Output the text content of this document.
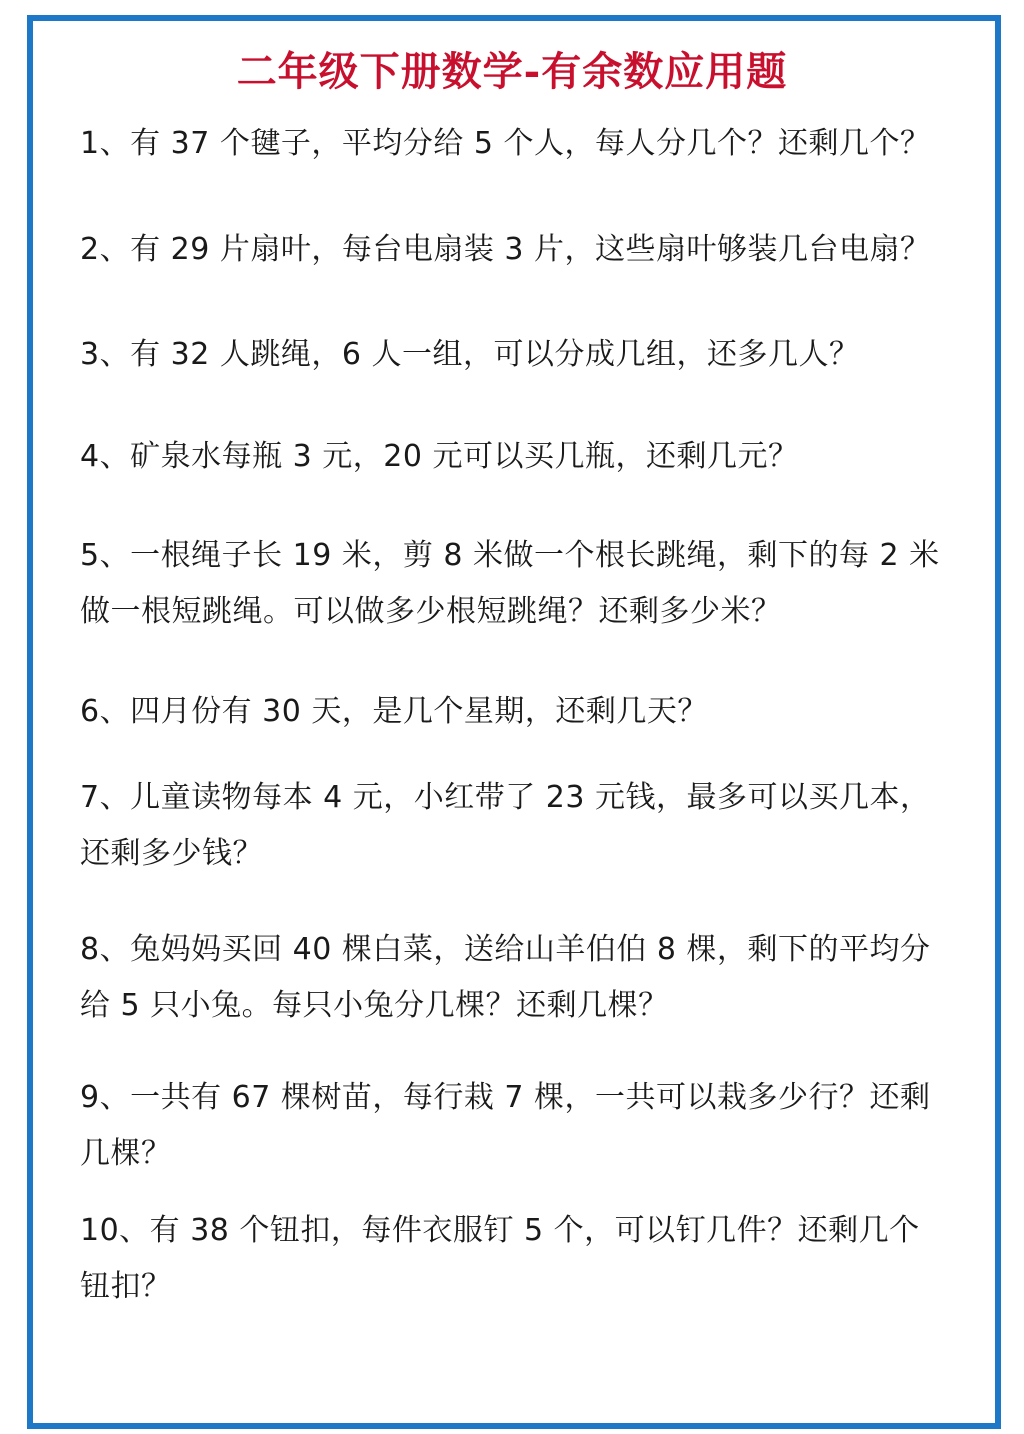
二年级下册数学-有余数应用题
1、有 37 个毽子，平均分给 5 个人，每人分几个？还剩几个？
2、有 29 片扇叶，每台电扇装 3 片，这些扇叶够装几台电扇？
3、有 32 人跳绳，6 人一组，可以分成几组，还多几人？
4、矿泉水每瓶 3 元，20 元可以买几瓶，还剩几元？
5、一根绳子长 19 米，剪 8 米做一个根长跳绳，剩下的每 2 米做一根短跳绳。可以做多少根短跳绳？还剩多少米？
6、四月份有 30 天，是几个星期，还剩几天？
7、儿童读物每本 4 元，小红带了 23 元钱，最多可以买几本，还剩多少钱？
8、兔妈妈买回 40 棵白菜，送给山羊伯伯 8 棵，剩下的平均分给 5 只小兔。每只小兔分几棵？还剩几棵？
9、一共有 67 棵树苗，每行栽 7 棵，一共可以栽多少行？还剩几棵？
10、有 38 个钮扣，每件衣服钉 5 个，可以钉几件？还剩几个钮扣？
